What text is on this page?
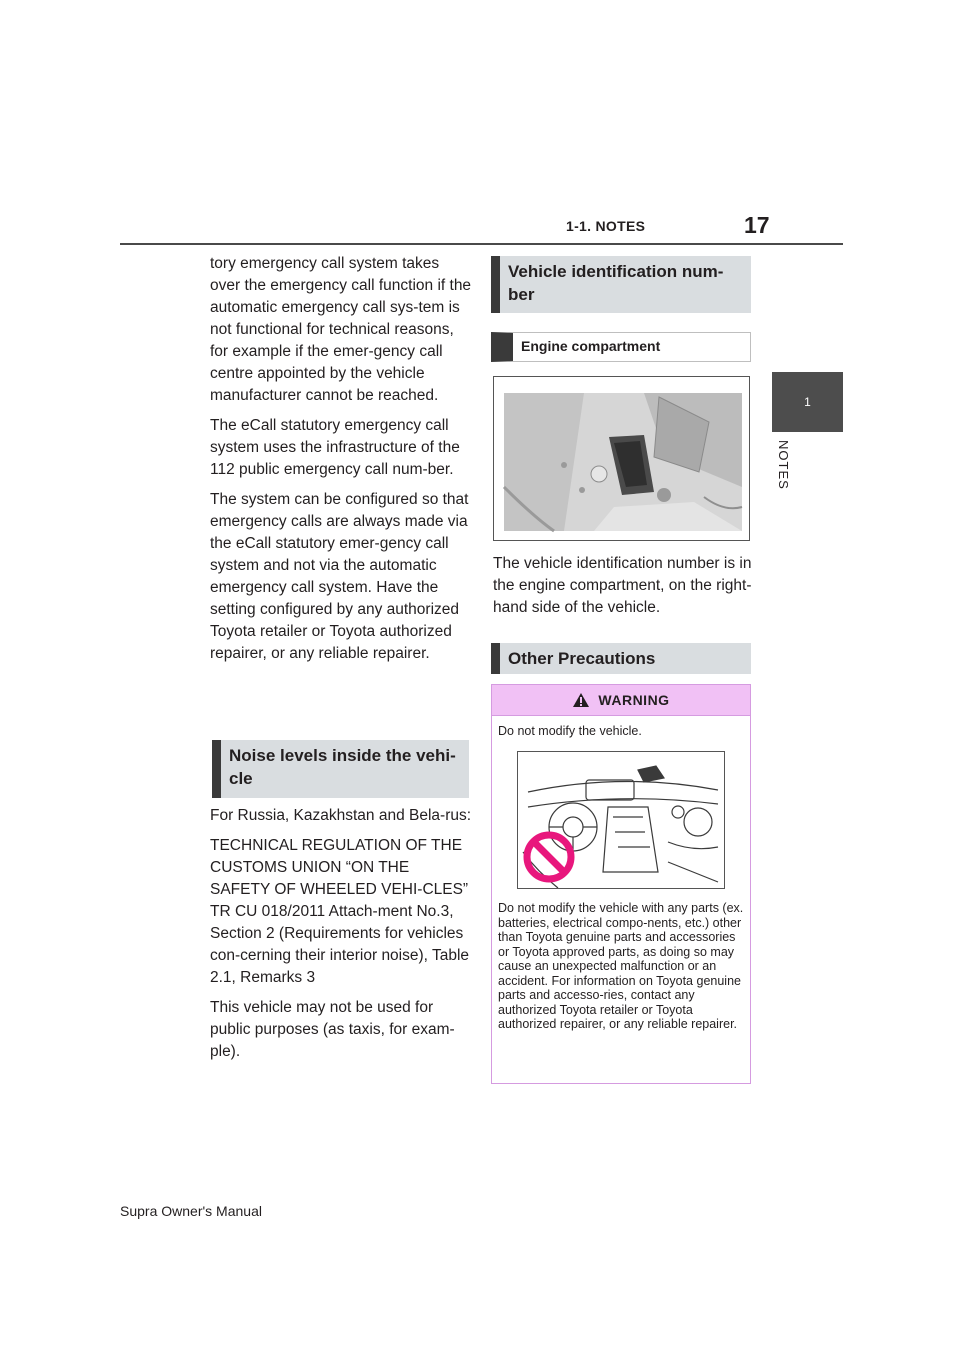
1-1. NOTES	17
1
NOTES

tory emergency call system takes over the emergency call function if the automatic emergency call sys-tem is not functional for technical reasons, for example if the emer-gency call centre appointed by the vehicle manufacturer cannot be reached.

The eCall statutory emergency call system uses the infrastructure of the 112 public emergency call num-ber.

The system can be configured so that emergency calls are always made via the eCall statutory emer-gency call system and not via the automatic emergency call system. Have the setting configured by any authorized Toyota retailer or Toyota authorized repairer, or any reliable repairer.

Noise levels inside the vehi-cle

For Russia, Kazakhstan and Bela-rus:

TECHNICAL REGULATION OF THE CUSTOMS UNION “ON THE SAFETY OF WHEELED VEHI-CLES” TR CU 018/2011 Attach-ment No.3, Section 2 (Requirements for vehicles con-cerning their interior noise), Table 2.1, Remarks 3

This vehicle may not be used for public purposes (as taxis, for exam-ple).

Vehicle identification num-ber
Engine compartment

The vehicle identification number is in the engine compartment, on the right-hand side of the vehicle.

Other Precautions
WARNING
Do not modify the vehicle.
Do not modify the vehicle with any parts (ex. batteries, electrical compo-nents, etc.) other than Toyota genuine parts and accessories or Toyota approved parts, as doing so may cause an unexpected malfunction or an accident. For information on Toyota genuine parts and accesso-ries, contact any authorized Toyota retailer or Toyota authorized repairer, or any reliable repairer.
Supra Owner's Manual
